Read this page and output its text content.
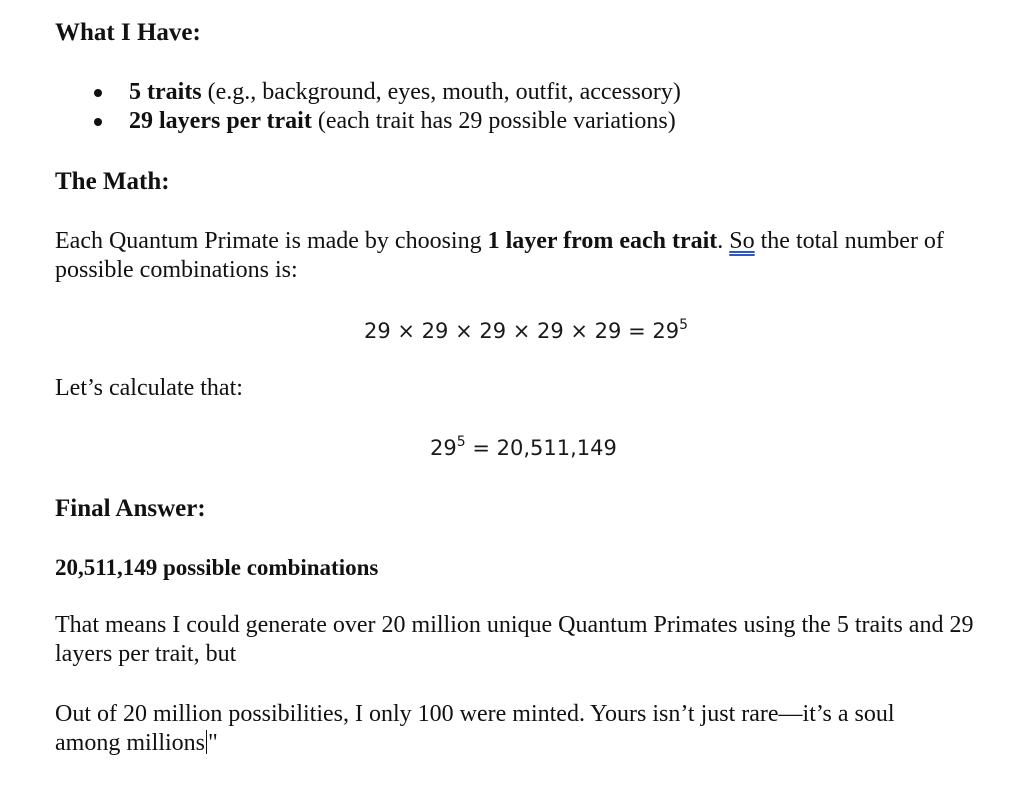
What I Have:
5 traits (e.g., background, eyes, mouth, outfit, accessory)
29 layers per trait (each trait has 29 possible variations)
The Math:

Each Quantum Primate is made by choosing 1 layer from each trait. So the total number of possible combinations is:

$29 \times 29 \times 29 \times 29 \times 29 = 29^5$

Let’s calculate that:

$29^5 = 20,511,149$
Final Answer:

20,511,149 possible combinations

That means I could generate over 20 million unique Quantum Primates using the 5 traits and 29 layers per trait, but

Out of 20 million possibilities, I only 100 were minted. Yours isn’t just rare—it’s a soul among millions "
